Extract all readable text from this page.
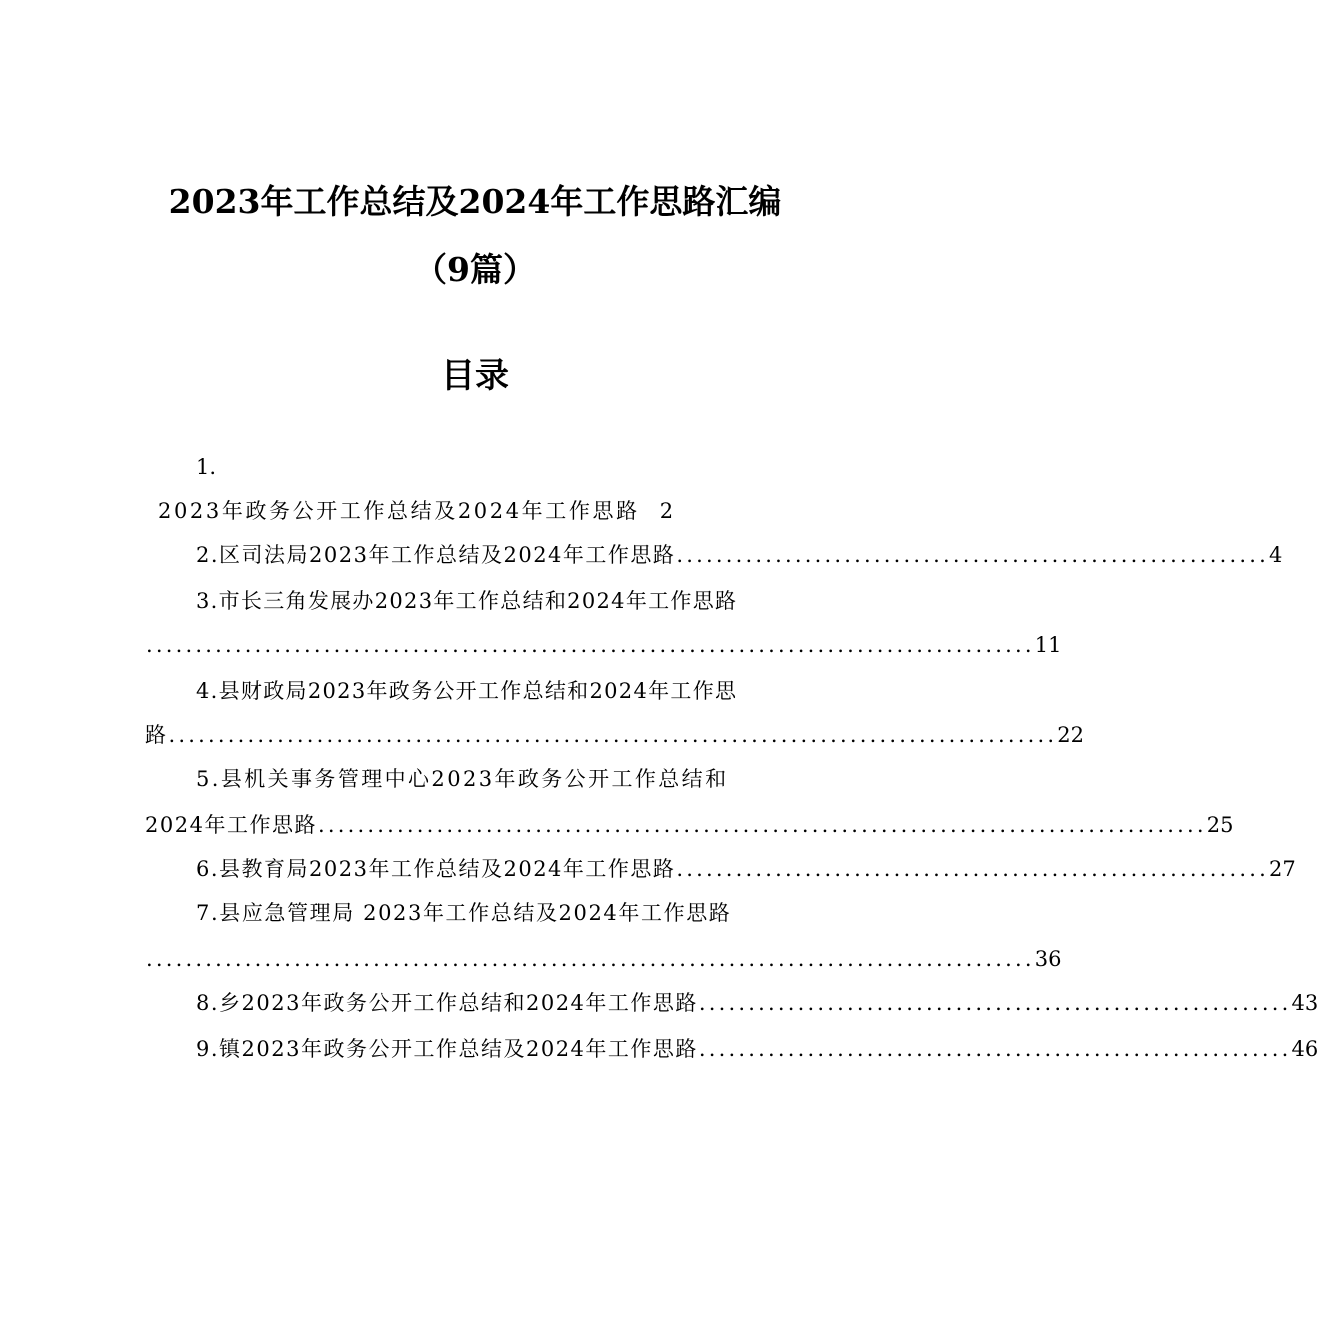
2023年工作总结及2024年工作思路汇编
（9篇）
目录
1.
2023年政务公开工作总结及2024年工作思路 2
2.区司法局2023年工作总结及2024年工作思路 ............................................................ 4
3.市长三角发展办2023年工作总结和2024年工作思路
.......................................................................................... 11
4.县财政局2023年政务公开工作总结和2024年工作思
路 .......................................................................................... 22
5.县机关事务管理中心2023年政务公开工作总结和
2024年工作思路 .......................................................................................... 25
6.县教育局2023年工作总结及2024年工作思路 ............................................................ 27
7.县应急管理局 2023年工作总结及2024年工作思路
.......................................................................................... 36
8.乡2023年政务公开工作总结和2024年工作思路 ............................................................ 43
9.镇2023年政务公开工作总结及2024年工作思路 ............................................................ 46
